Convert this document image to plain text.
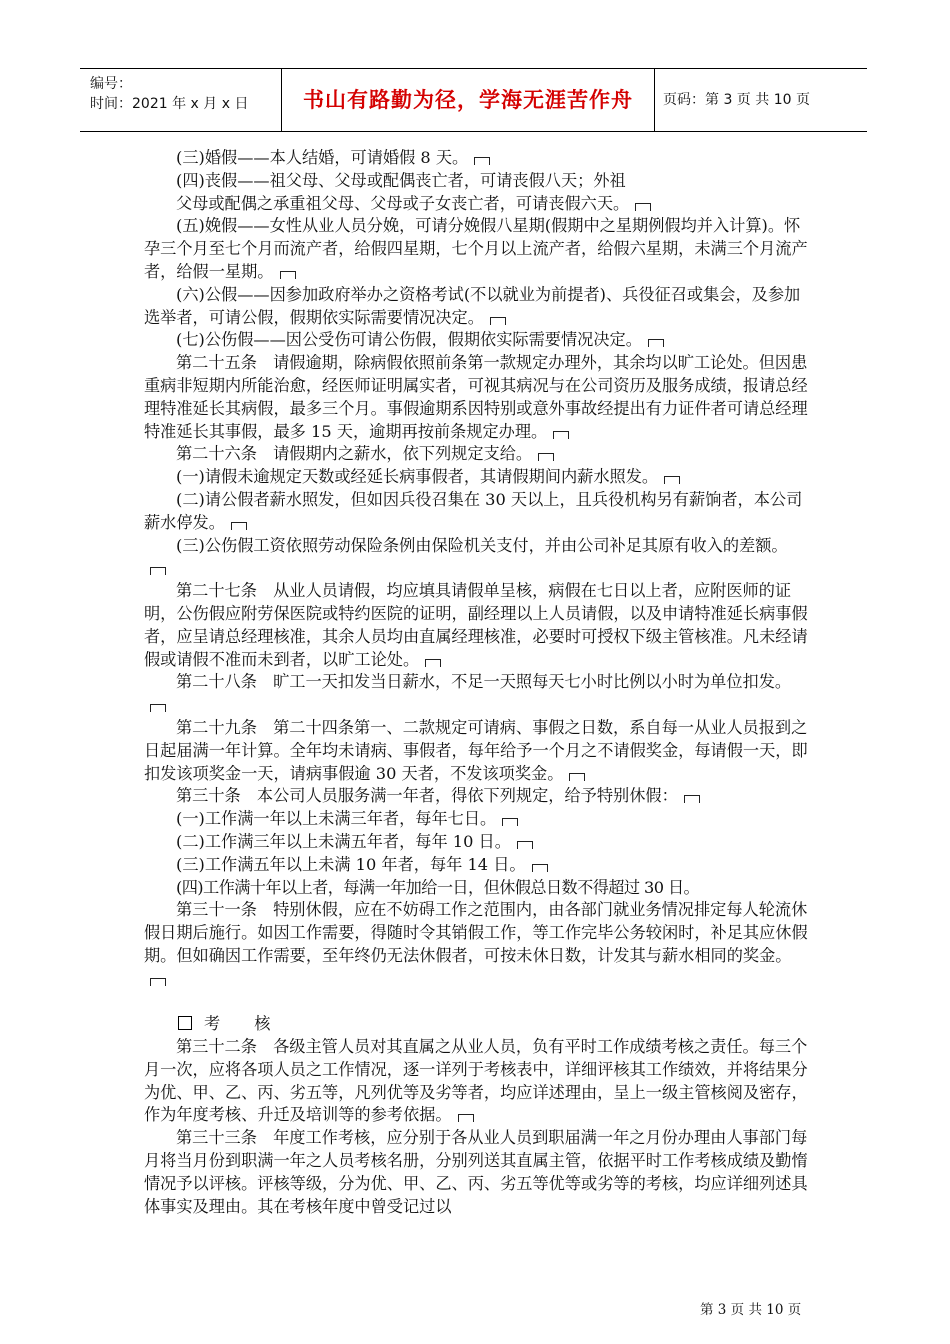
编号：
时间：2021 年 x 月 x 日	书山有路勤为径，学海无涯苦作舟	页码：第 3 页 共 10 页

(三)婚假——本人结婚，可请婚假 8 天。

(四)丧假——祖父母、父母或配偶丧亡者，可请丧假八天；外祖

父母或配偶之承重祖父母、父母或子女丧亡者，可请丧假六天。

(五)娩假——女性从业人员分娩，可请分娩假八星期(假期中之星期例假均并入计算)。怀孕三个月至七个月而流产者，给假四星期，七个月以上流产者，给假六星期，未满三个月流产者，给假一星期。

(六)公假——因参加政府举办之资格考试(不以就业为前提者)、兵役征召或集会，及参加选举者，可请公假，假期依实际需要情况决定。

(七)公伤假——因公受伤可请公伤假，假期依实际需要情况决定。

第二十五条　请假逾期，除病假依照前条第一款规定办理外，其余均以旷工论处。但因患重病非短期内所能治愈，经医师证明属实者，可视其病况与在公司资历及服务成绩，报请总经理特准延长其病假，最多三个月。事假逾期系因特别或意外事故经提出有力证件者可请总经理特准延长其事假，最多 15 天，逾期再按前条规定办理。

第二十六条　请假期内之薪水，依下列规定支给。

(一)请假未逾规定天数或经延长病事假者，其请假期间内薪水照发。

(二)请公假者薪水照发，但如因兵役召集在 30 天以上，且兵役机构另有薪饷者，本公司薪水停发。

(三)公伤假工资依照劳动保险条例由保险机关支付，并由公司补足其原有收入的差额。

第二十七条　从业人员请假，均应填具请假单呈核，病假在七日以上者，应附医师的证明，公伤假应附劳保医院或特约医院的证明，副经理以上人员请假，以及申请特准延长病事假者，应呈请总经理核准，其余人员均由直属经理核准，必要时可授权下级主管核准。凡未经请假或请假不准而未到者，以旷工论处。

第二十八条　旷工一天扣发当日薪水，不足一天照每天七小时比例以小时为单位扣发。

第二十九条　第二十四条第一、二款规定可请病、事假之日数，系自每一从业人员报到之日起届满一年计算。全年均未请病、事假者，每年给予一个月之不请假奖金，每请假一天，即扣发该项奖金一天，请病事假逾 30 天者，不发该项奖金。

第三十条　本公司人员服务满一年者，得依下列规定，给予特别休假：

(一)工作满一年以上未满三年者，每年七日。

(二)工作满三年以上未满五年者，每年 10 日。

(三)工作满五年以上未满 10 年者，每年 14 日。

(四)工作满十年以上者，每满一年加给一日，但休假总日数不得超过 30 日。

第三十一条　特别休假，应在不妨碍工作之范围内，由各部门就业务情况排定每人轮流休假日期后施行。如因工作需要，得随时令其销假工作，等工作完毕公务较闲时，补足其应休假期。但如确因工作需要，至年终仍无法休假者，可按未休日数，计发其与薪水相同的奖金。

考 核

第三十二条　各级主管人员对其直属之从业人员，负有平时工作成绩考核之责任。每三个月一次，应将各项人员之工作情况，逐一详列于考核表中，详细评核其工作绩效，并将结果分为优、甲、乙、丙、劣五等，凡列优等及劣等者，均应详述理由，呈上一级主管核阅及密存，作为年度考核、升迁及培训等的参考依据。

第三十三条　年度工作考核，应分别于各从业人员到职届满一年之月份办理由人事部门每月将当月份到职满一年之人员考核名册，分别列送其直属主管，依据平时工作考核成绩及勤惰情况予以评核。评核等级，分为优、甲、乙、丙、劣五等优等或劣等的考核，均应详细列述具体事实及理由。其在考核年度中曾受记过以

第 3 页 共 10 页
